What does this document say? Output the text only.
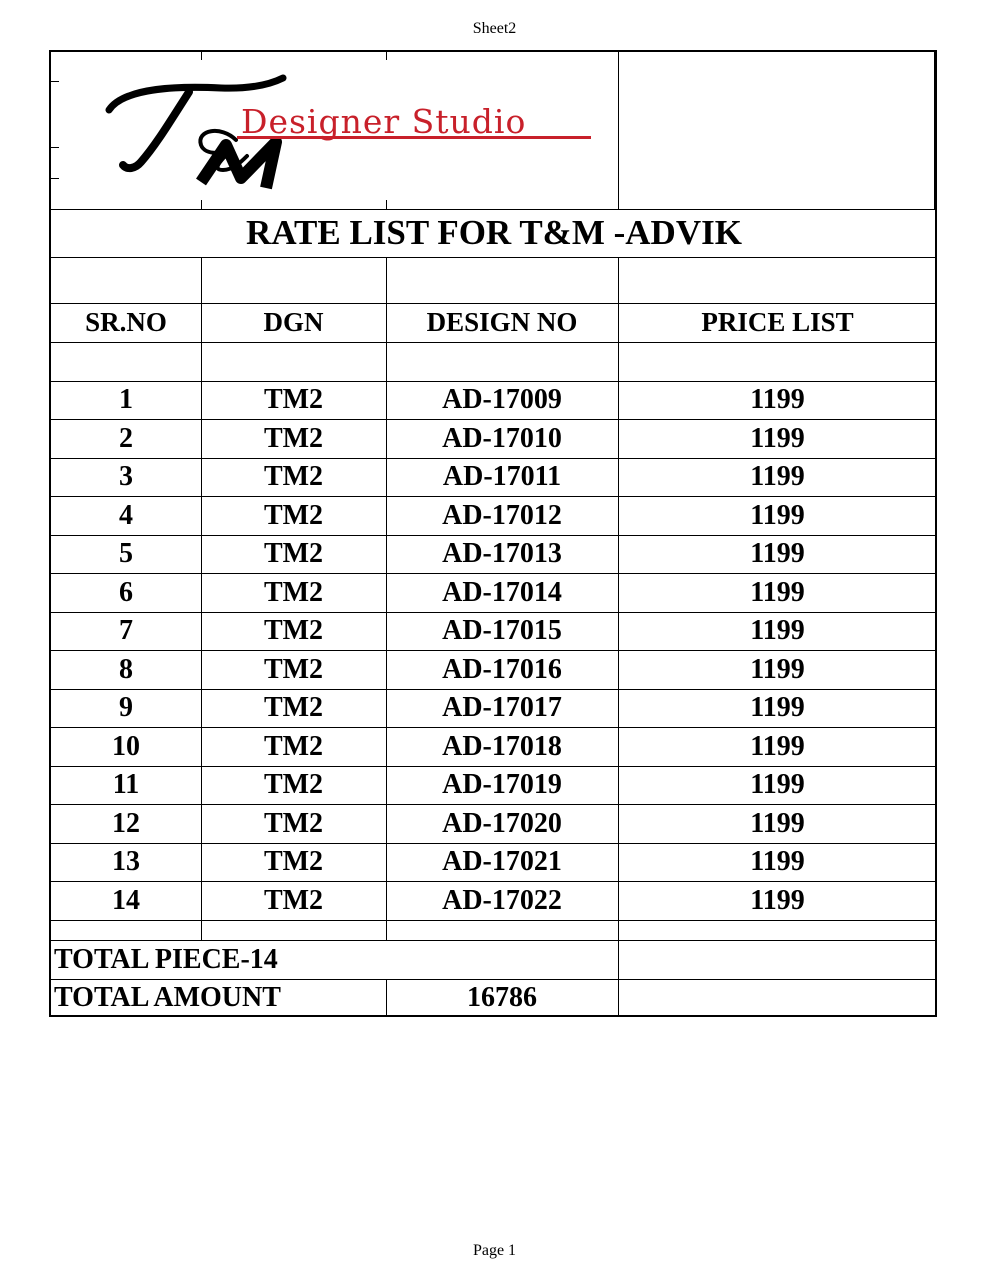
Sheet2
Designer Studio
RATE LIST FOR T&M -ADVIK
SR.NO	DGN	DESIGN NO	PRICE LIST
1	TM2	AD-17009	1199
2	TM2	AD-17010	1199
3	TM2	AD-17011	1199
4	TM2	AD-17012	1199
5	TM2	AD-17013	1199
6	TM2	AD-17014	1199
7	TM2	AD-17015	1199
8	TM2	AD-17016	1199
9	TM2	AD-17017	1199
10	TM2	AD-17018	1199
11	TM2	AD-17019	1199
12	TM2	AD-17020	1199
13	TM2	AD-17021	1199
14	TM2	AD-17022	1199
TOTAL PIECE-14
TOTAL AMOUNT	16786
Page 1
